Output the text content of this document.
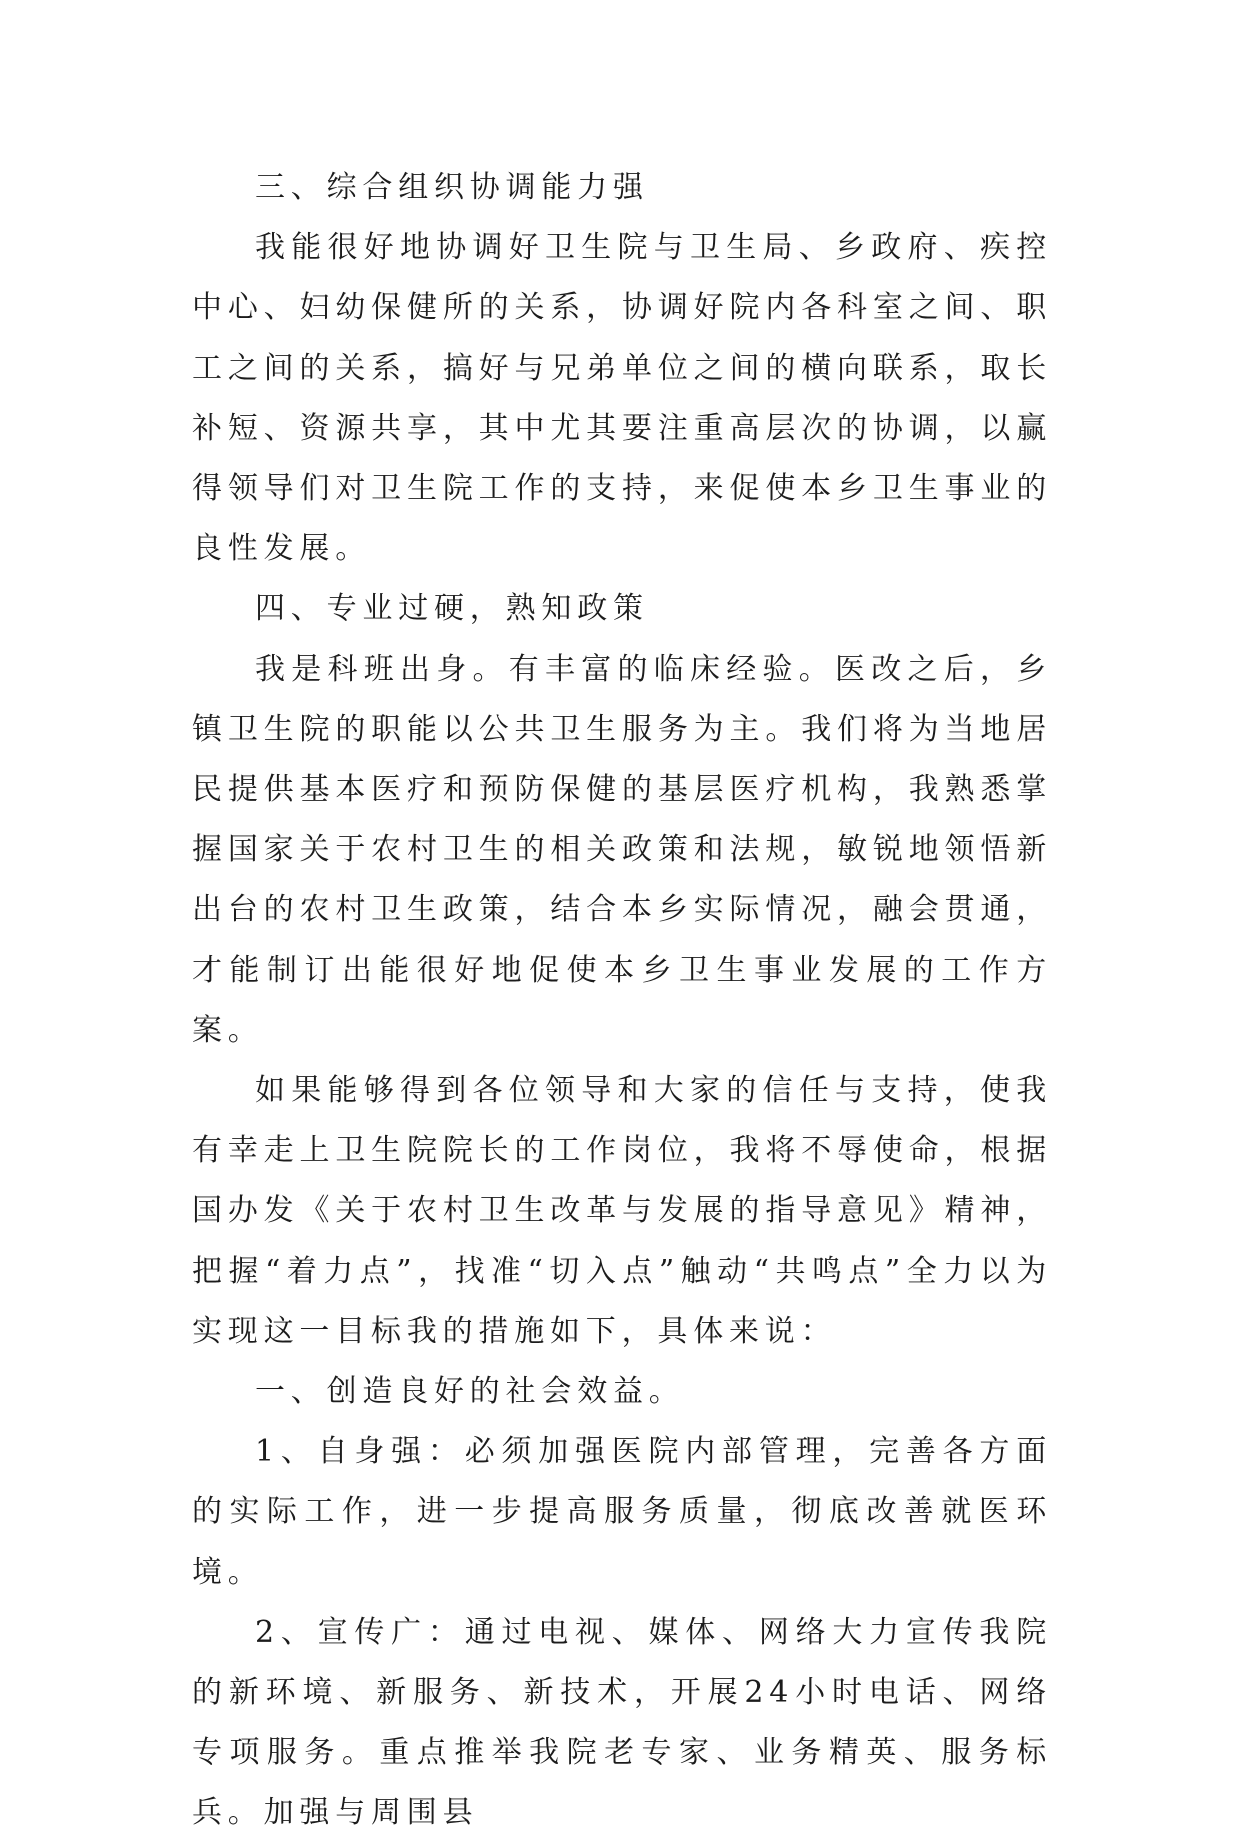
三、综合组织协调能力强

我能很好地协调好卫生院与卫生局、乡政府、疾控中心、妇幼保健所的关系，协调好院内各科室之间、职工之间的关系，搞好与兄弟单位之间的横向联系，取长补短、资源共享，其中尤其要注重高层次的协调，以赢得领导们对卫生院工作的支持，来促使本乡卫生事业的良性发展。

四、专业过硬，熟知政策

我是科班出身。有丰富的临床经验。医改之后，乡镇卫生院的职能以公共卫生服务为主。我们将为当地居民提供基本医疗和预防保健的基层医疗机构，我熟悉掌握国家关于农村卫生的相关政策和法规，敏锐地领悟新出台的农村卫生政策，结合本乡实际情况，融会贯通，才能制订出能很好地促使本乡卫生事业发展的工作方案。

如果能够得到各位领导和大家的信任与支持，使我有幸走上卫生院院长的工作岗位，我将不辱使命，根据国办发《关于农村卫生改革与发展的指导意见》精神，把握“着力点”，找准“切入点”触动“共鸣点”全力以为实现这一目标我的措施如下，具体来说：

一、创造良好的社会效益。

1、自身强：必须加强医院内部管理，完善各方面的实际工作，进一步提高服务质量，彻底改善就医环境。

2、宣传广：通过电视、媒体、网络大力宣传我院的新环境、新服务、新技术，开展24小时电话、网络专项服务。重点推举我院老专家、业务精英、服务标兵。加强与周围县
